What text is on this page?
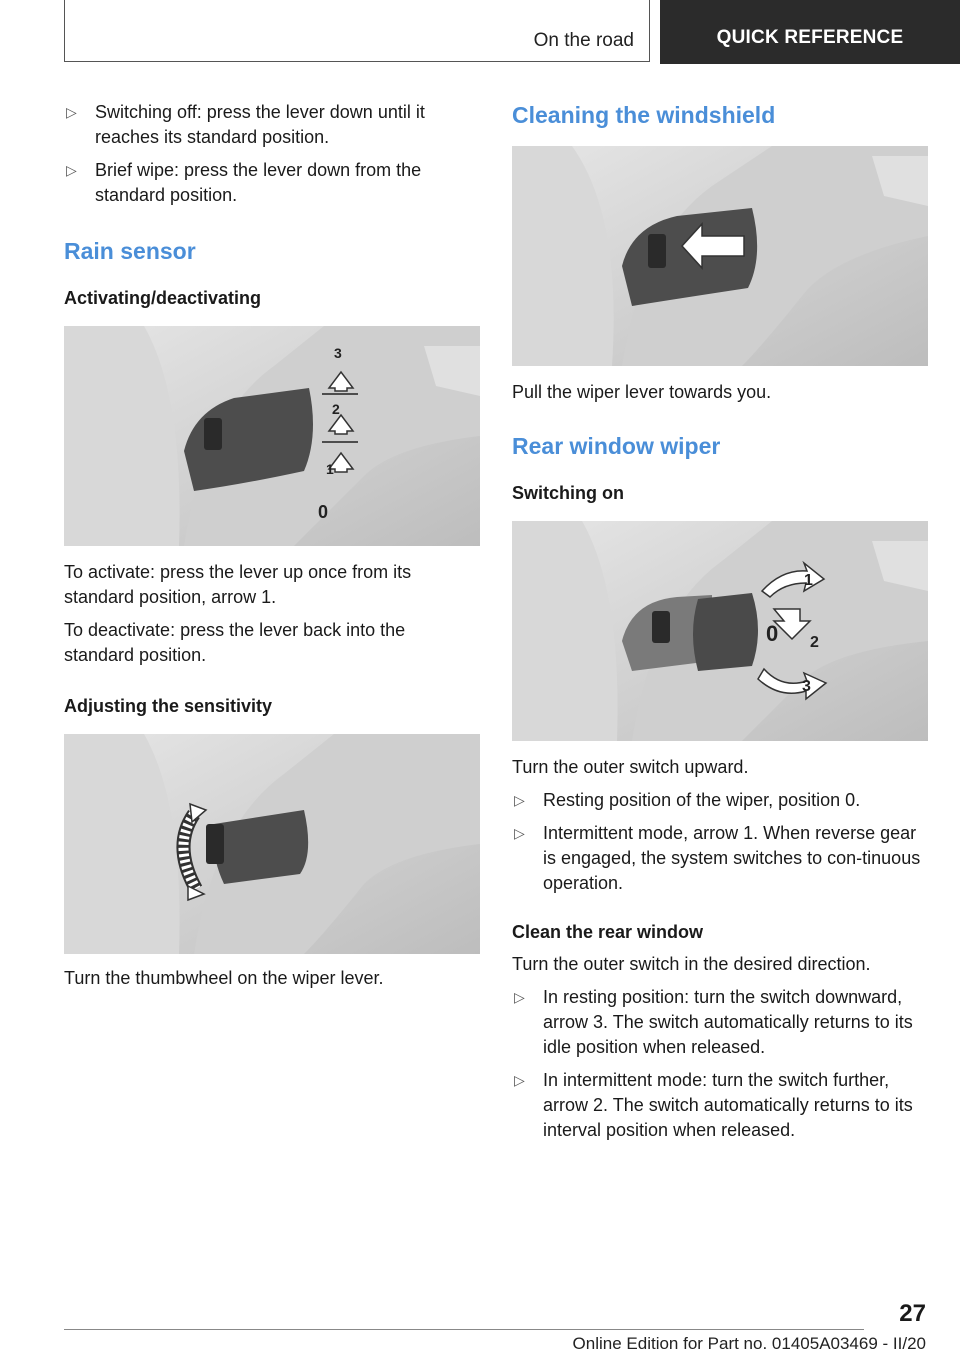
On the road	QUICK REFERENCE
▷	Switching off: press the lever down until it reaches its standard position.
▷	Brief wipe: press the lever down from the standard position.
Rain sensor
Activating/deactivating
3
2
1
0

To activate: press the lever up once from its standard position, arrow 1.

To deactivate: press the lever back into the standard position.

Adjusting the sensitivity

Turn the thumbwheel on the wiper lever.

Cleaning the windshield

Pull the wiper lever towards you.

Rear window wiper
Switching on
1
0 2
3

Turn the outer switch upward.

▷	Resting position of the wiper, position 0.
▷	Intermittent mode, arrow 1. When reverse gear is engaged, the system switches to con‐tinuous operation.
Clean the rear window

Turn the outer switch in the desired direction.

▷	In resting position: turn the switch downward, arrow 3. The switch automatically returns to its idle position when released.
▷	In intermittent mode: turn the switch further, arrow 2. The switch automatically returns to its interval position when released.
27
Online Edition for Part no. 01405A03469 - II/20
